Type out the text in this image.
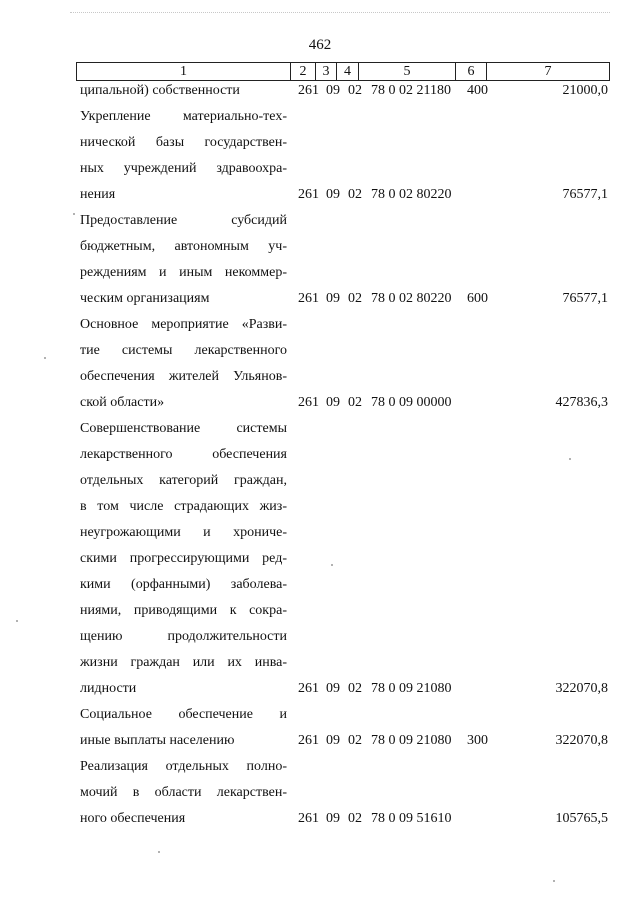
462
1	2	3	4	5	6	7
ципальной) собственности	261 09 02 78 0 02 21180 400	21000,0
Укрепление материально-тех-
нической базы государствен-
ных учреждений здравоохра-
нения	261 09 02 78 0 02 80220	76577,1
Предоставление субсидий
бюджетным, автономным уч-
реждениям и иным некоммер-
ческим организациям	261 09 02 78 0 02 80220 600	76577,1
Основное мероприятие «Разви-
тие системы лекарственного
обеспечения жителей Ульянов-
ской области»	261 09 02 78 0 09 00000	427836,3
Совершенствование системы
лекарственного обеспечения
отдельных категорий граждан,
в том числе страдающих жиз-
неугрожающими и хрониче-
скими прогрессирующими ред-
кими (орфанными) заболева-
ниями, приводящими к сокра-
щению продолжительности
жизни граждан или их инва-
лидности	261 09 02 78 0 09 21080	322070,8
Социальное обеспечение и
иные выплаты населению	261 09 02 78 0 09 21080 300	322070,8
Реализация отдельных полно-
мочий в области лекарствен-
ного обеспечения	261 09 02 78 0 09 51610	105765,5
